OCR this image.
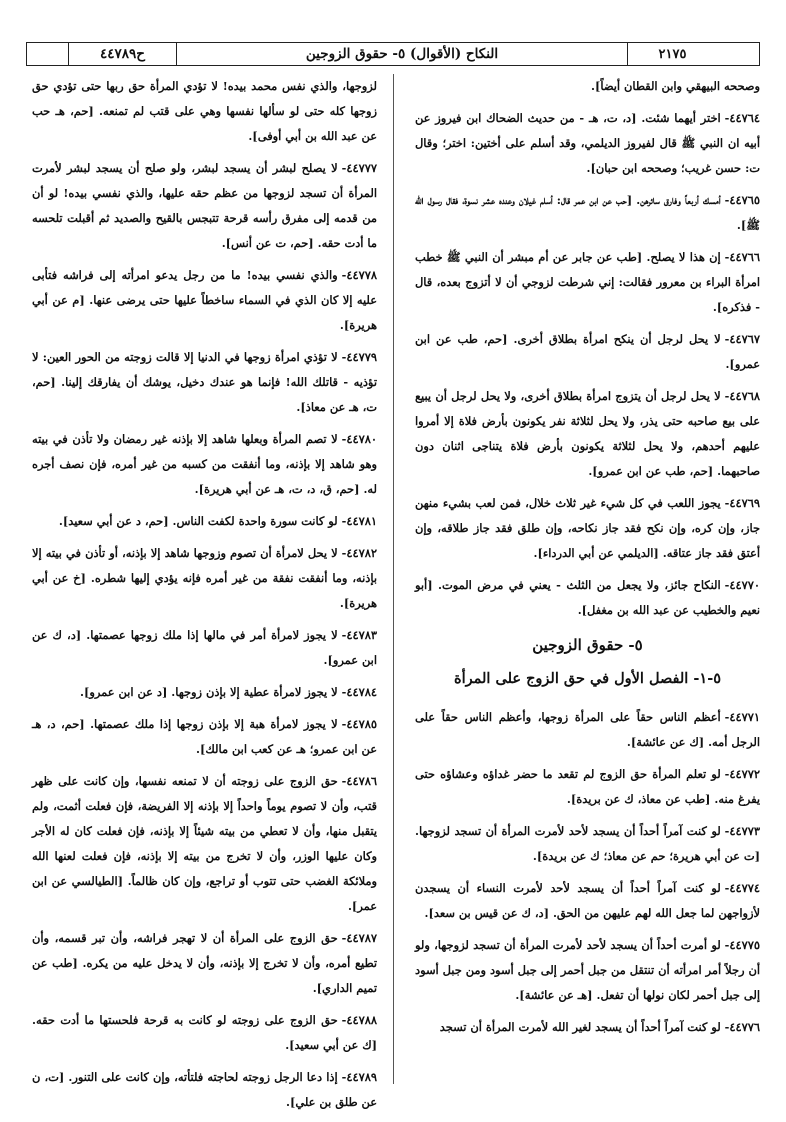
٢١٧٥
النكاح (الأقوال) ٥- حقوق الزوجين
ح٤٤٧٨٩
وصححه البيهقي وابن القطان أيضاً].
٤٤٧٦٤-اختر أيهما شئت. [د، ت، هـ - من حديث الضحاك ابن فيروز عن أبيه ان النبي ﷺ قال لفيروز الديلمي، وقد أسلم على أختين: اختر؛ وقال ت: حسن غريب؛ وصححه ابن حبان].
٤٤٧٦٥-أمسك أربعاً وفارق سائرهن. [حب عن ابن عمر قال: أسلم غيلان وعنده عشر نسوة، فقال رسول الله ﷺ].
٤٤٧٦٦-إن هذا لا يصلح. [طب عن جابر عن أم مبشر أن النبي ﷺ خطب امرأة البراء بن معرور فقالت: إني شرطت لزوجي أن لا أتزوج بعده، قال - فذكره].
٤٤٧٦٧-لا يحل لرجل أن ينكح امرأة بطلاق أخرى. [حم، طب عن ابن عمرو].
٤٤٧٦٨-لا يحل لرجل أن يتزوج امرأة بطلاق أخرى، ولا يحل لرجل أن يبيع على بيع صاحبه حتى يذر، ولا يحل لثلاثة نفر يكونون بأرض فلاة إلا أمروا عليهم أحدهم، ولا يحل لثلاثة يكونون بأرض فلاة يتناجى اثنان دون صاحبهما. [حم، طب عن ابن عمرو].
٤٤٧٦٩-يجوز اللعب في كل شيء غير ثلاث خلال، فمن لعب بشيء منهن جاز، وإن كره، وإن نكح فقد جاز نكاحه، وإن طلق فقد جاز طلاقه، وإن أعتق فقد جاز عتاقه. [الديلمي عن أبي الدرداء].
٤٤٧٧٠-النكاح جائز، ولا يجعل من الثلث - يعني في مرض الموت. [أبو نعيم والخطيب عن عبد الله بن مغفل].
٥- حقوق الزوجين
٥-١- الفصل الأول في حق الزوج على المرأة
٤٤٧٧١-أعظم الناس حقاً على المرأة زوجها، وأعظم الناس حقاً على الرجل أمه. [ك عن عائشة].
٤٤٧٧٢-لو تعلم المرأة حق الزوج لم تقعد ما حضر غداؤه وعشاؤه حتى يفرغ منه. [طب عن معاذ، ك عن بريدة].
٤٤٧٧٣-لو كنت آمراً أحداً أن يسجد لأحد لأمرت المرأة أن تسجد لزوجها. [ت عن أبي هريرة؛ حم عن معاذ؛ ك عن بريدة].
٤٤٧٧٤-لو كنت آمراً أحداً أن يسجد لأحد لأمرت النساء أن يسجدن لأزواجهن لما جعل الله لهم عليهن من الحق. [د، ك عن قيس بن سعد].
٤٤٧٧٥-لو أمرت أحداً أن يسجد لأحد لأمرت المرأة أن تسجد لزوجها، ولو أن رجلاً أمر امرأته أن تنتقل من جبل أحمر إلى جبل أسود ومن جبل أسود إلى جبل أحمر لكان نولها أن تفعل. [هـ عن عائشة].
٤٤٧٧٦-لو كنت آمراً أحداً أن يسجد لغير الله لأمرت المرأة أن تسجد
لزوجها، والذي نفس محمد بيده! لا تؤدي المرأة حق ربها حتى تؤدي حق زوجها كله حتى لو سألها نفسها وهي على قتب لم تمنعه. [حم، هـ حب عن عبد الله بن أبي أوفى].
٤٤٧٧٧-لا يصلح لبشر أن يسجد لبشر، ولو صلح أن يسجد لبشر لأمرت المرأة أن تسجد لزوجها من عظم حقه عليها، والذي نفسي بيده! لو أن من قدمه إلى مفرق رأسه قرحة تتبجس بالقيح والصديد ثم أقبلت تلحسه ما أدت حقه. [حم، ت عن أنس].
٤٤٧٧٨-والذي نفسي بيده! ما من رجل يدعو امرأته إلى فراشه فتأبى عليه إلا كان الذي في السماء ساخطاً عليها حتى يرضى عنها. [م عن أبي هريرة].
٤٤٧٧٩-لا تؤذي امرأة زوجها في الدنيا إلا قالت زوجته من الحور العين: لا تؤذيه - قاتلك الله! فإنما هو عندك دخيل، يوشك أن يفارقك إلينا. [حم، ت، هـ عن معاذ].
٤٤٧٨٠-لا تصم المرأة وبعلها شاهد إلا بإذنه غير رمضان ولا تأذن في بيته وهو شاهد إلا بإذنه، وما أنفقت من كسبه من غير أمره، فإن نصف أجره له. [حم، ق، د، ت، هـ عن أبي هريرة].
٤٤٧٨١-لو كانت سورة واحدة لكفت الناس. [حم، د عن أبي سعيد].
٤٤٧٨٢-لا يحل لامرأة أن تصوم وزوجها شاهد إلا بإذنه، أو تأذن في بيته إلا بإذنه، وما أنفقت نفقة من غير أمره فإنه يؤدي إليها شطره. [خ عن أبي هريرة].
٤٤٧٨٣-لا يجوز لامرأة أمر في مالها إذا ملك زوجها عصمتها. [د، ك عن ابن عمرو].
٤٤٧٨٤-لا يجوز لامرأة عطية إلا بإذن زوجها. [د عن ابن عمرو].
٤٤٧٨٥-لا يجوز لامرأة هبة إلا بإذن زوجها إذا ملك عصمتها. [حم، د، هـ عن ابن عمرو؛ هـ عن كعب ابن مالك].
٤٤٧٨٦-حق الزوج على زوجته أن لا تمنعه نفسها، وإن كانت على ظهر قتب، وأن لا تصوم يوماً واحداً إلا بإذنه إلا الفريضة، فإن فعلت أثمت، ولم يتقبل منها، وأن لا تعطي من بيته شيئاً إلا بإذنه، فإن فعلت كان له الأجر وكان عليها الوزر، وأن لا تخرج من بيته إلا بإذنه، فإن فعلت لعنها الله وملائكة الغضب حتى تتوب أو تراجع، وإن كان ظالماً. [الطيالسي عن ابن عمر].
٤٤٧٨٧-حق الزوج على المرأة أن لا تهجر فراشه، وأن تبر قسمه، وأن تطيع أمره، وأن لا تخرج إلا بإذنه، وأن لا يدخل عليه من يكره. [طب عن تميم الداري].
٤٤٧٨٨-حق الزوج على زوجته لو كانت به قرحة فلحستها ما أدت حقه. [ك عن أبي سعيد].
٤٤٧٨٩-إذا دعا الرجل زوجته لحاجته فلتأته، وإن كانت على التنور. [ت، ن عن طلق بن علي].
